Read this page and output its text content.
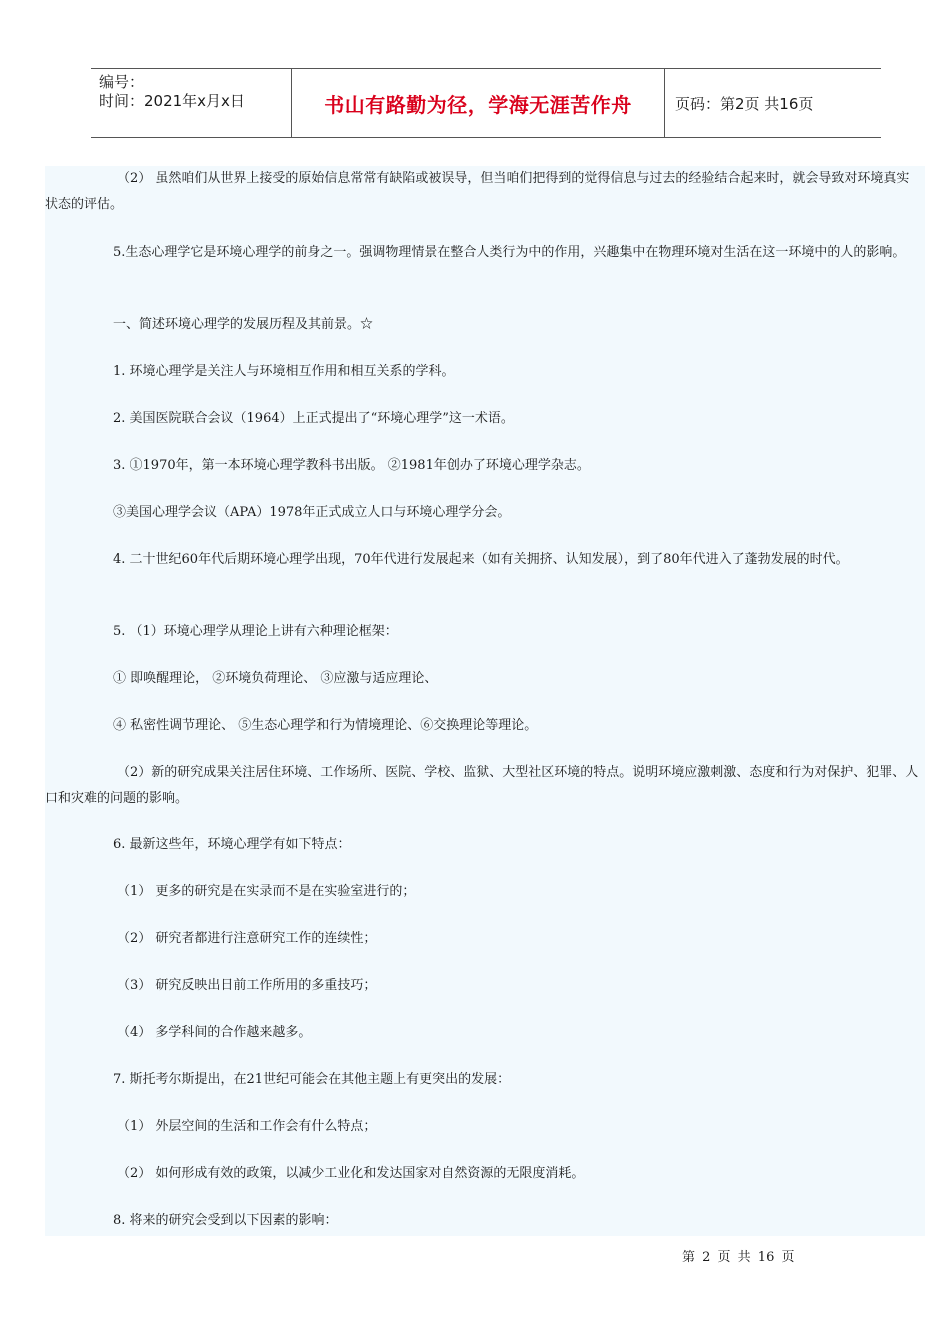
编号：
时间：2021年x月x日	书山有路勤为径，学海无涯苦作舟	页码：第2页 共16页
（2） 虽然咱们从世界上接受的原始信息常常有缺陷或被误导，但当咱们把得到的觉得信息与过去的经验结合起来时，就会导致对环境真实状态的评估。
5.生态心理学它是环境心理学的前身之一。强调物理情景在整合人类行为中的作用，兴趣集中在物理环境对生活在这一环境中的人的影响。
一、简述环境心理学的发展历程及其前景。☆
1. 环境心理学是关注人与环境相互作用和相互关系的学科。
2. 美国医院联合会议（1964）上正式提出了“环境心理学”这一术语。
3. ①1970年，第一本环境心理学教科书出版。 ②1981年创办了环境心理学杂志。
③美国心理学会议（APA）1978年正式成立人口与环境心理学分会。
4. 二十世纪60年代后期环境心理学出现，70年代进行发展起来（如有关拥挤、认知发展），到了80年代进入了蓬勃发展的时代。
5. （1）环境心理学从理论上讲有六种理论框架：
① 即唤醒理论， ②环境负荷理论、 ③应激与适应理论、
④ 私密性调节理论、 ⑤生态心理学和行为情境理论、⑥交换理论等理论。
（2）新的研究成果关注居住环境、工作场所、医院、学校、监狱、大型社区环境的特点。说明环境应激刺激、态度和行为对保护、犯罪、人口和灾难的问题的影响。
6. 最新这些年，环境心理学有如下特点：
（1） 更多的研究是在实录而不是在实验室进行的；
（2） 研究者都进行注意研究工作的连续性；
（3） 研究反映出日前工作所用的多重技巧；
（4） 多学科间的合作越来越多。
7. 斯托考尔斯提出，在21世纪可能会在其他主题上有更突出的发展：
（1） 外层空间的生活和工作会有什么特点；
（2） 如何形成有效的政策，以减少工业化和发达国家对自然资源的无限度消耗。
8. 将来的研究会受到以下因素的影响：
第 2 页 共 16 页
